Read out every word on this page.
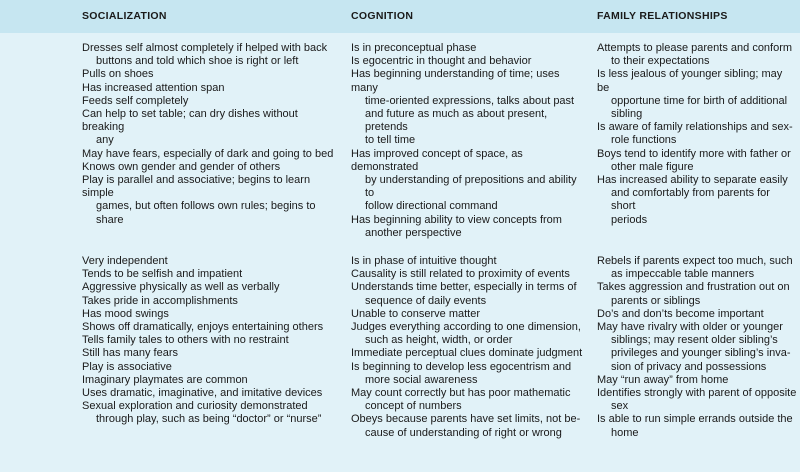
SOCIALIZATION	COGNITION	FAMILY RELATIONSHIPS
Dresses self almost completely if helped with back
buttons and told which shoe is right or left
Pulls on shoes
Has increased attention span
Feeds self completely
Can help to set table; can dry dishes without breaking
any
May have fears, especially of dark and going to bed
Knows own gender and gender of others
Play is parallel and associative; begins to learn simple
games, but often follows own rules; begins to share
Is in preconceptual phase
Is egocentric in thought and behavior
Has beginning understanding of time; uses many
time-oriented expressions, talks about past
and future as much as about present, pretends
to tell time
Has improved concept of space, as demonstrated
by understanding of prepositions and ability to
follow directional command
Has beginning ability to view concepts from
another perspective
Attempts to please parents and conform
to their expectations
Is less jealous of younger sibling; may be
opportune time for birth of additional
sibling
Is aware of family relationships and sex-
role functions
Boys tend to identify more with father or
other male figure
Has increased ability to separate easily
and comfortably from parents for short
periods
Very independent
Tends to be selfish and impatient
Aggressive physically as well as verbally
Takes pride in accomplishments
Has mood swings
Shows off dramatically, enjoys entertaining others
Tells family tales to others with no restraint
Still has many fears
Play is associative
Imaginary playmates are common
Uses dramatic, imaginative, and imitative devices
Sexual exploration and curiosity demonstrated
through play, such as being “doctor” or “nurse”
Is in phase of intuitive thought
Causality is still related to proximity of events
Understands time better, especially in terms of
sequence of daily events
Unable to conserve matter
Judges everything according to one dimension,
such as height, width, or order
Immediate perceptual clues dominate judgment
Is beginning to develop less egocentrism and
more social awareness
May count correctly but has poor mathematic
concept of numbers
Obeys because parents have set limits, not be-
cause of understanding of right or wrong
Rebels if parents expect too much, such
as impeccable table manners
Takes aggression and frustration out on
parents or siblings
Do’s and don’ts become important
May have rivalry with older or younger
siblings; may resent older sibling’s
privileges and younger sibling’s inva-
sion of privacy and possessions
May “run away” from home
Identifies strongly with parent of opposite
sex
Is able to run simple errands outside the
home
